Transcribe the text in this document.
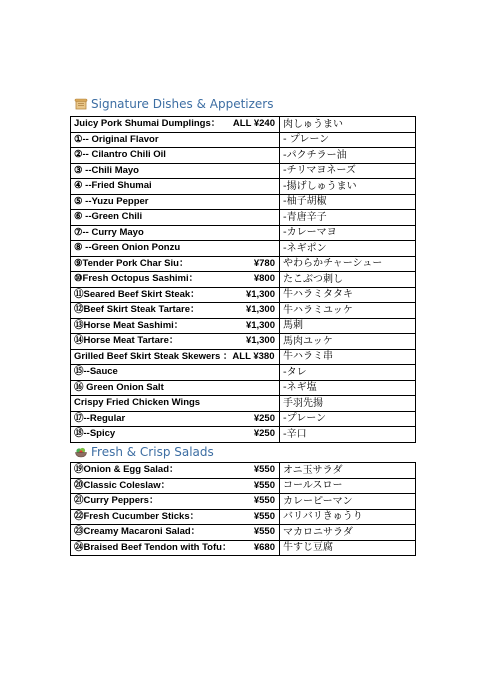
Signature Dishes & Appetizers
Juicy Pork Shumai Dumplings： ALL ¥240	肉しゅうまい
①-- Original Flavor	- プレーン
②-- Cilantro Chili Oil	-パクチラー油
③ --Chili Mayo	-チリマヨネーズ
④ --Fried Shumai	-揚げしゅうまい
⑤ --Yuzu Pepper	-柚子胡椒
⑥ --Green Chili	-青唐辛子
⑦-- Curry Mayo	-カレーマヨ
⑧ --Green Onion Ponzu	-ネギポン
⑨Tender Pork Char Siu： ¥780	やわらかチャーシュー
⑩Fresh Octopus Sashimi： ¥800	たこぶつ刺し
⑪Seared Beef Skirt Steak： ¥1,300	牛ハラミタタキ
⑫Beef Skirt Steak Tartare： ¥1,300	牛ハラミユッケ
⑬Horse Meat Sashimi： ¥1,300	馬刺
⑭Horse Meat Tartare： ¥1,300	馬肉ユッケ
Grilled Beef Skirt Steak Skewers ：ALL ¥380	牛ハラミ串
⑮--Sauce	-タレ
⑯ Green Onion Salt	-ネギ塩
Crispy Fried Chicken Wings	手羽先揚
⑰--Regular ¥250	-プレーン
⑱--Spicy ¥250	-辛口
Fresh & Crisp Salads
⑲Onion & Egg Salad： ¥550	オニ玉サラダ
⑳Classic Coleslaw： ¥550	コールスロー
㉑Curry Peppers： ¥550	カレーピーマン
㉒Fresh Cucumber Sticks： ¥550	バリバリきゅうり
㉓Creamy Macaroni Salad： ¥550	マカロニサラダ
㉔Braised Beef Tendon with Tofu： ¥680	牛すじ豆腐
